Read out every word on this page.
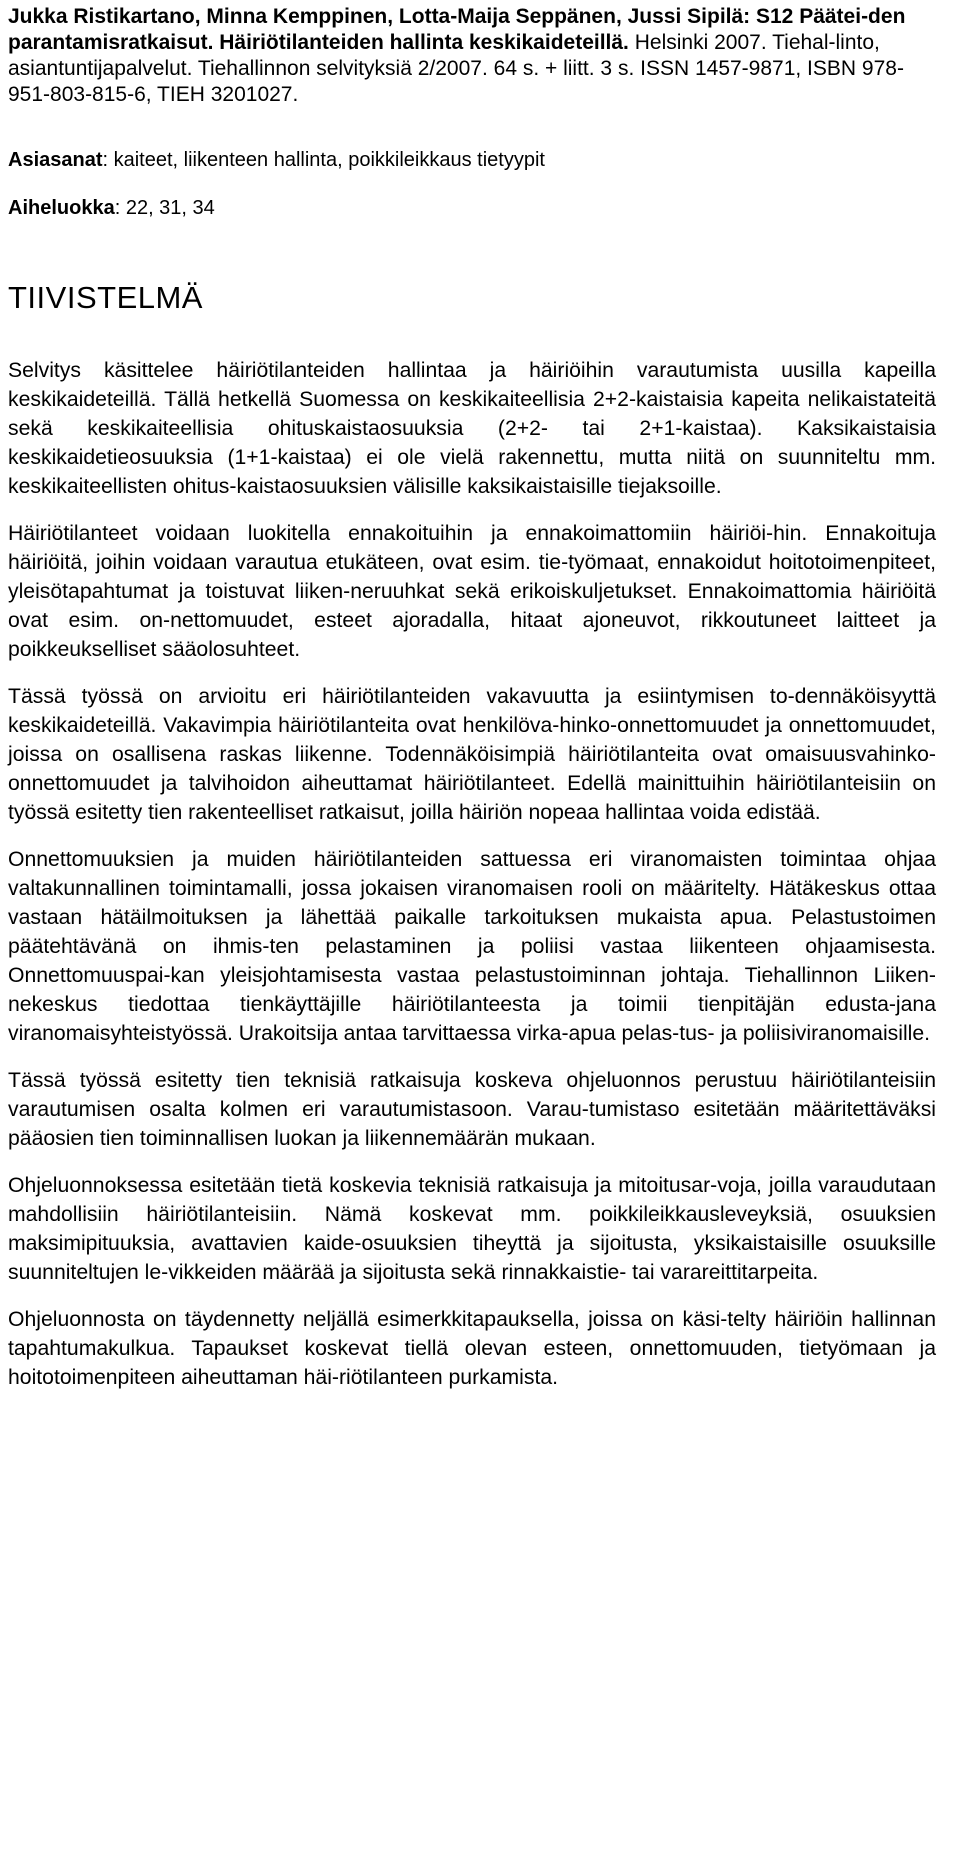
Jukka Ristikartano, Minna Kemppinen, Lotta-Maija Seppänen, Jussi Sipilä: S12 Päätei-den parantamisratkaisut. Häiriötilanteiden hallinta keskikaideteillä. Helsinki 2007. Tiehal-linto, asiantuntijapalvelut. Tiehallinnon selvityksiä 2/2007. 64 s. + liitt. 3 s. ISSN 1457-9871, ISBN 978-951-803-815-6, TIEH 3201027.

Asiasanat: kaiteet, liikenteen hallinta, poikkileikkaus tietyypit

Aiheluokka: 22, 31, 34

TIIVISTELMÄ

Selvitys käsittelee häiriötilanteiden hallintaa ja häiriöihin varautumista uusilla kapeilla keskikaideteillä. Tällä hetkellä Suomessa on keskikaiteellisia 2+2-kaistaisia kapeita nelikaistateitä sekä keskikaiteellisia ohituskaistaosuuksia (2+2- tai 2+1-kaistaa). Kaksikaistaisia keskikaidetieosuuksia (1+1-kaistaa) ei ole vielä rakennettu, mutta niitä on suunniteltu mm. keskikaiteellisten ohitus-kaistaosuuksien välisille kaksikaistaisille tiejaksoille.

Häiriötilanteet voidaan luokitella ennakoituihin ja ennakoimattomiin häiriöi-hin. Ennakoituja häiriöitä, joihin voidaan varautua etukäteen, ovat esim. tie-työmaat, ennakoidut hoitotoimenpiteet, yleisötapahtumat ja toistuvat liiken-neruuhkat sekä erikoiskuljetukset. Ennakoimattomia häiriöitä ovat esim. on-nettomuudet, esteet ajoradalla, hitaat ajoneuvot, rikkoutuneet laitteet ja poikkeukselliset sääolosuhteet.

Tässä työssä on arvioitu eri häiriötilanteiden vakavuutta ja esiintymisen to-dennäköisyyttä keskikaideteillä. Vakavimpia häiriötilanteita ovat henkilöva-hinko-onnettomuudet ja onnettomuudet, joissa on osallisena raskas liikenne. Todennäköisimpiä häiriötilanteita ovat omaisuusvahinko-onnettomuudet ja talvihoidon aiheuttamat häiriötilanteet. Edellä mainittuihin häiriötilanteisiin on työssä esitetty tien rakenteelliset ratkaisut, joilla häiriön nopeaa hallintaa voida edistää.

Onnettomuuksien ja muiden häiriötilanteiden sattuessa eri viranomaisten toimintaa ohjaa valtakunnallinen toimintamalli, jossa jokaisen viranomaisen rooli on määritelty. Hätäkeskus ottaa vastaan hätäilmoituksen ja lähettää paikalle tarkoituksen mukaista apua. Pelastustoimen päätehtävänä on ihmis-ten pelastaminen ja poliisi vastaa liikenteen ohjaamisesta. Onnettomuuspai-kan yleisjohtamisesta vastaa pelastustoiminnan johtaja. Tiehallinnon Liiken-nekeskus tiedottaa tienkäyttäjille häiriötilanteesta ja toimii tienpitäjän edusta-jana viranomaisyhteistyössä. Urakoitsija antaa tarvittaessa virka-apua pelas-tus- ja poliisiviranomaisille.

Tässä työssä esitetty tien teknisiä ratkaisuja koskeva ohjeluonnos perustuu häiriötilanteisiin varautumisen osalta kolmen eri varautumistasoon. Varau-tumistaso esitetään määritettäväksi pääosien tien toiminnallisen luokan ja liikennemäärän mukaan.

Ohjeluonnoksessa esitetään tietä koskevia teknisiä ratkaisuja ja mitoitusar-voja, joilla varaudutaan mahdollisiin häiriötilanteisiin. Nämä koskevat mm. poikkileikkausleveyksiä, osuuksien maksimipituuksia, avattavien kaide-osuuksien tiheyttä ja sijoitusta, yksikaistaisille osuuksille suunniteltujen le-vikkeiden määrää ja sijoitusta sekä rinnakkaistie- tai varareittitarpeita.

Ohjeluonnosta on täydennetty neljällä esimerkkitapauksella, joissa on käsi-telty häiriöin hallinnan tapahtumakulkua. Tapaukset koskevat tiellä olevan esteen, onnettomuuden, tietyömaan ja hoitotoimenpiteen aiheuttaman häi-riötilanteen purkamista.
